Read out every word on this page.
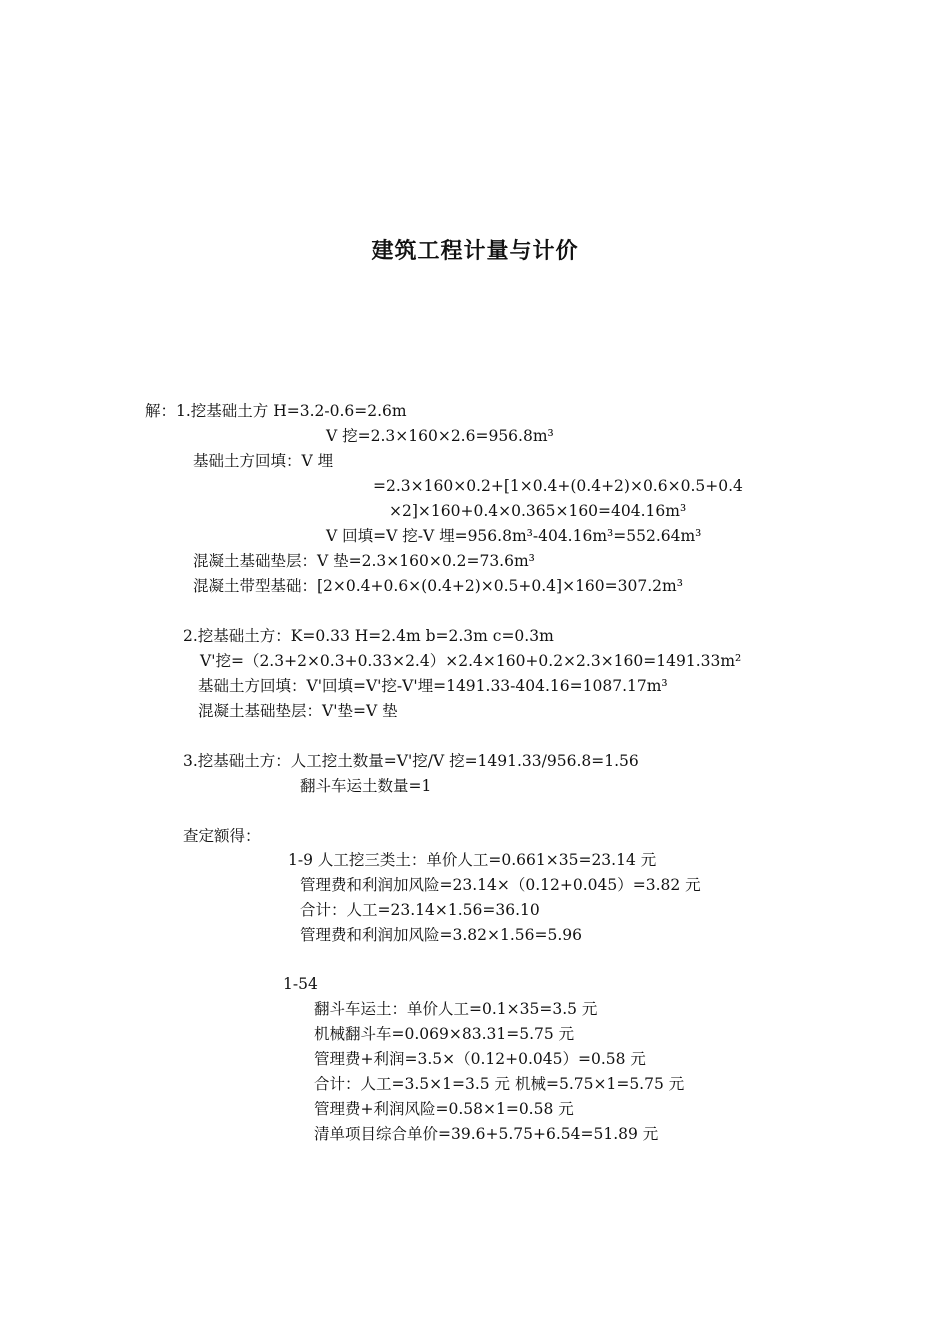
建筑工程计量与计价
解：1.挖基础土方 H=3.2-0.6=2.6m
V 挖=2.3×160×2.6=956.8m³
基础土方回填：V 埋
=2.3×160×0.2+[1×0.4+(0.4+2)×0.6×0.5+0.4
×2]×160+0.4×0.365×160=404.16m³
V 回填=V 挖-V 埋=956.8m³-404.16m³=552.64m³
混凝土基础垫层：V 垫=2.3×160×0.2=73.6m³
混凝土带型基础：[2×0.4+0.6×(0.4+2)×0.5+0.4]×160=307.2m³
2.挖基础土方：K=0.33 H=2.4m b=2.3m c=0.3m
V'挖=（2.3+2×0.3+0.33×2.4）×2.4×160+0.2×2.3×160=1491.33m²
基础土方回填：V'回填=V'挖-V'埋=1491.33-404.16=1087.17m³
混凝土基础垫层：V'垫=V 垫
3.挖基础土方：人工挖土数量=V'挖/V 挖=1491.33/956.8=1.56
翻斗车运土数量=1
查定额得：
1-9 人工挖三类土：单价人工=0.661×35=23.14 元
管理费和利润加风险=23.14×（0.12+0.045）=3.82 元
合计：人工=23.14×1.56=36.10
管理费和利润加风险=3.82×1.56=5.96
1-54
翻斗车运土：单价人工=0.1×35=3.5 元
机械翻斗车=0.069×83.31=5.75 元
管理费+利润=3.5×（0.12+0.045）=0.58 元
合计：人工=3.5×1=3.5 元 机械=5.75×1=5.75 元
管理费+利润风险=0.58×1=0.58 元
清单项目综合单价=39.6+5.75+6.54=51.89 元
